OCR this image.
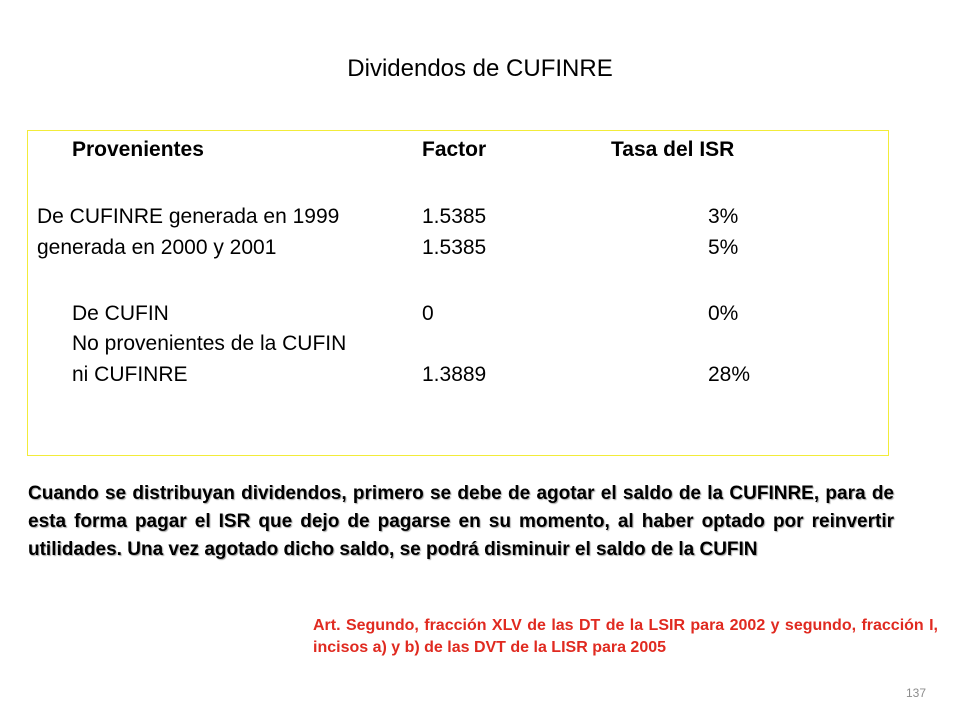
Dividendos de CUFINRE
Provenientes	Factor	Tasa del ISR
De CUFINRE generada en 1999	1.5385	3%
generada en 2000 y 2001	1.5385	5%
De CUFIN	0	0%
No provenientes de la CUFIN
ni CUFINRE	1.3889	28%
Cuando se distribuyan dividendos, primero se debe de agotar el saldo de la CUFINRE, para de esta forma pagar el ISR que dejo de pagarse en su momento, al haber optado por reinvertir utilidades. Una vez agotado dicho saldo, se podrá disminuir el saldo de la CUFIN
Art. Segundo, fracción XLV de las DT de la LSIR para 2002 y segundo, fracción I, incisos a) y b) de las DVT de la LISR para 2005
137
